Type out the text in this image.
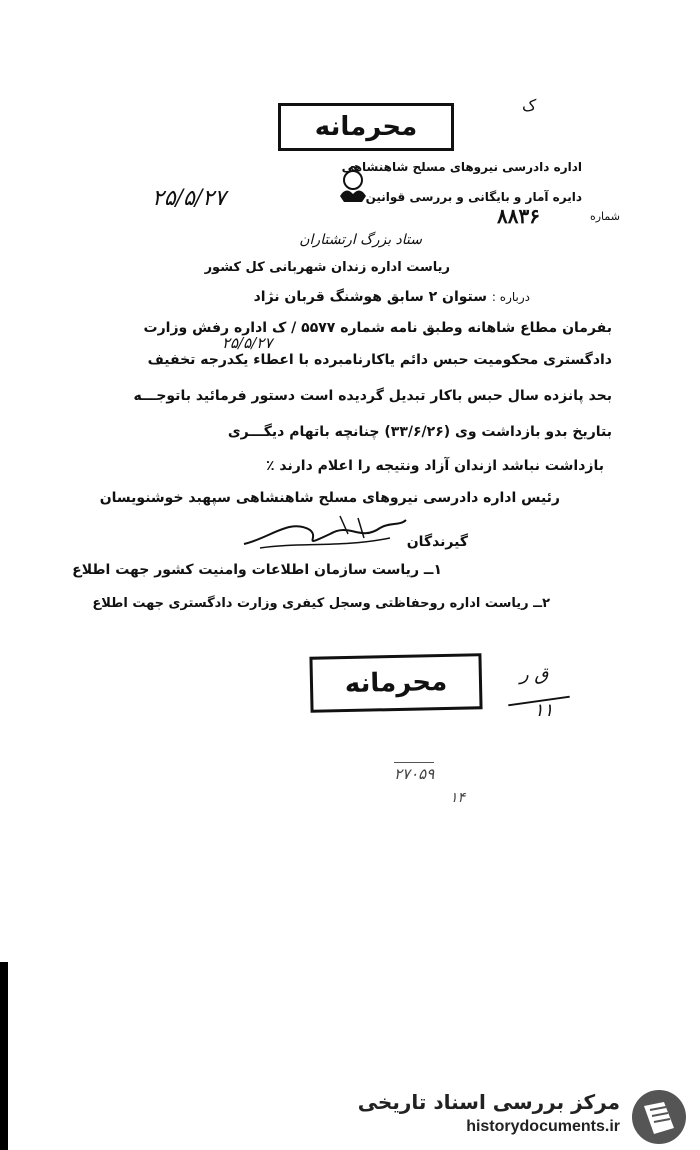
محرمانه
ک
اداره دادرسی نیروهای مسلح شاهنشاهی
دایره آمار و بایگانی و بررسی قوانین
شماره
۸۸۳۶
۲۵/۵/۲۷
ستاد بزرگ ارتشتاران
ریاست اداره زندان شهربانی کل کشور
درباره : ستوان ۲ سابق هوشنگ قربان نژاد
بفرمان مطاع شاهانه وطبق نامه شماره ۵۵۷۷ / ک اداره رفش وزارت
۲۵/۵/۲۷
دادگستری محکومیت حبس دائم یاکارنامبرده با اعطاء یکدرجه تخفیف
بحد پانزده سال حبس باکار تبدیل گردیده است دستور فرمائید باتوجـــه
بتاریخ بدو بازداشت وی (۳۳/۶/۲۶) چنانچه باتهام دیگـــری
بازداشت نباشد ازندان آزاد ونتیجه را اعلام دارند ٪
رئیس اداره دادرسی نیروهای مسلح شاهنشاهی سپهبد خوشنویسان
گیرندگان
۱ــ ریاست سازمان اطلاعات وامنیت کشور جهت اطلاع
۲ــ ریاست اداره روحفاظتی وسجل کیفری وزارت دادگستری جهت اطلاع
محرمانه	ق ر
۱۱
۲۷۰۵۹
۱۴
مرکز بررسی اسناد تاریخی
historydocuments.ir
